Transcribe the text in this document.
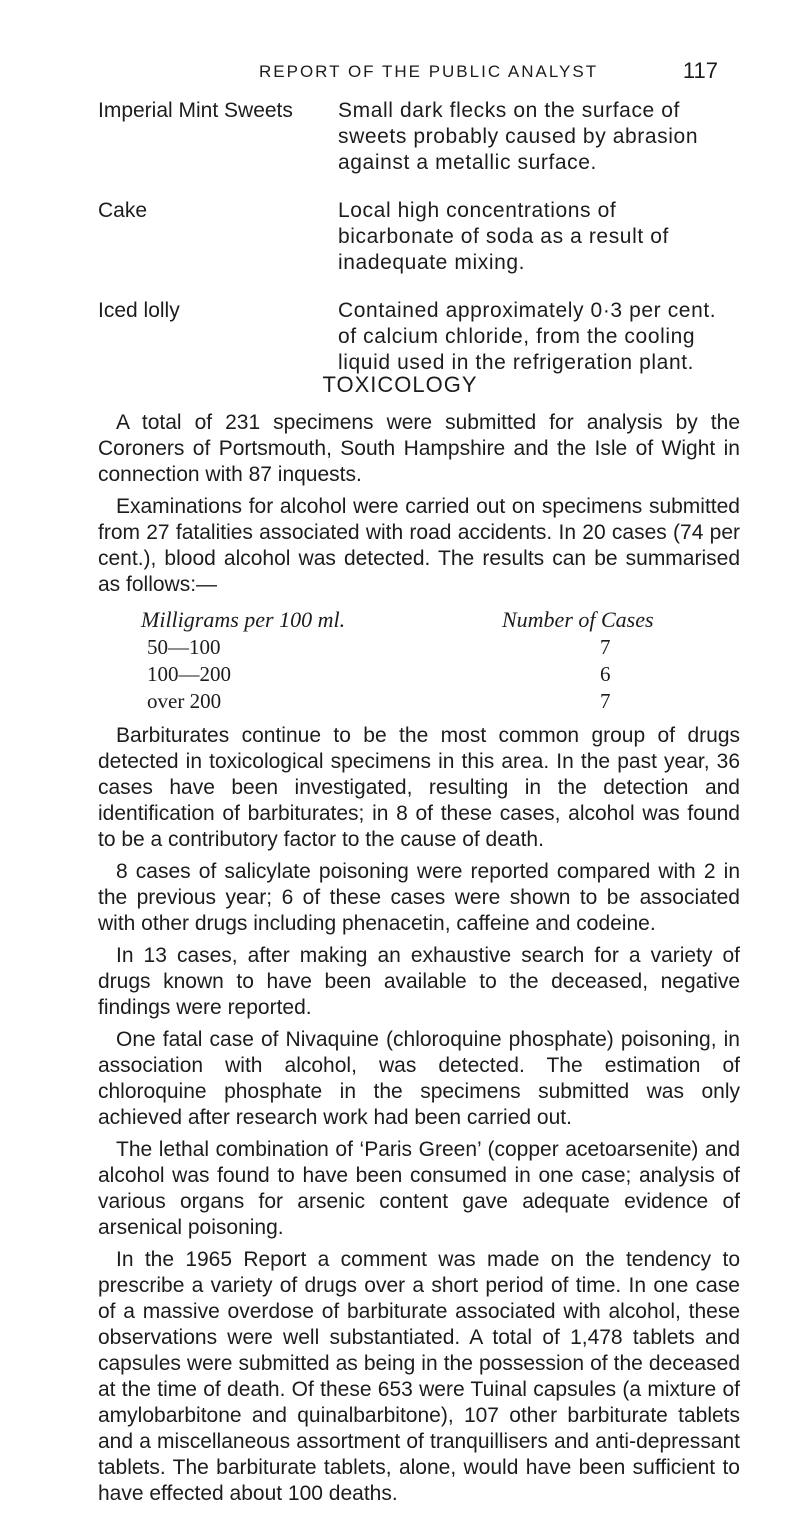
REPORT OF THE PUBLIC ANALYST	117
Imperial Mint Sweets	Small dark flecks on the surface of sweets probably caused by abrasion against a metallic surface.
Cake	Local high concentrations of bicarbonate of soda as a result of inadequate mixing.
Iced lolly	Contained approximately 0·3 per cent. of calcium chloride, from the cooling liquid used in the refrigeration plant.
TOXICOLOGY

A total of 231 specimens were submitted for analysis by the Coroners of Portsmouth, South Hampshire and the Isle of Wight in connection with 87 inquests.

Examinations for alcohol were carried out on specimens submitted from 27 fatalities associated with road accidents. In 20 cases (74 per cent.), blood alcohol was detected. The results can be summarised as follows:—

Milligrams per 100 ml.	Number of Cases
50—100	7
100—200	6
over 200	7

Barbiturates continue to be the most common group of drugs detected in toxicological specimens in this area. In the past year, 36 cases have been investigated, resulting in the detection and identification of barbiturates; in 8 of these cases, alcohol was found to be a contributory factor to the cause of death.

8 cases of salicylate poisoning were reported compared with 2 in the previous year; 6 of these cases were shown to be associated with other drugs including phenacetin, caffeine and codeine.

In 13 cases, after making an exhaustive search for a variety of drugs known to have been available to the deceased, negative findings were reported.

One fatal case of Nivaquine (chloroquine phosphate) poisoning, in association with alcohol, was detected. The estimation of chloroquine phosphate in the specimens submitted was only achieved after research work had been carried out.

The lethal combination of ‘Paris Green’ (copper acetoarsenite) and alcohol was found to have been consumed in one case; analysis of various organs for arsenic content gave adequate evidence of arsenical poisoning.

In the 1965 Report a comment was made on the tendency to prescribe a variety of drugs over a short period of time. In one case of a massive overdose of barbiturate associated with alcohol, these observations were well substantiated. A total of 1,478 tablets and capsules were submitted as being in the possession of the deceased at the time of death. Of these 653 were Tuinal capsules (a mixture of amylobarbitone and quinalbarbitone), 107 other barbiturate tablets and a miscellaneous assortment of tranquillisers and anti-depressant tablets. The barbiturate tablets, alone, would have been sufficient to have effected about 100 deaths.
